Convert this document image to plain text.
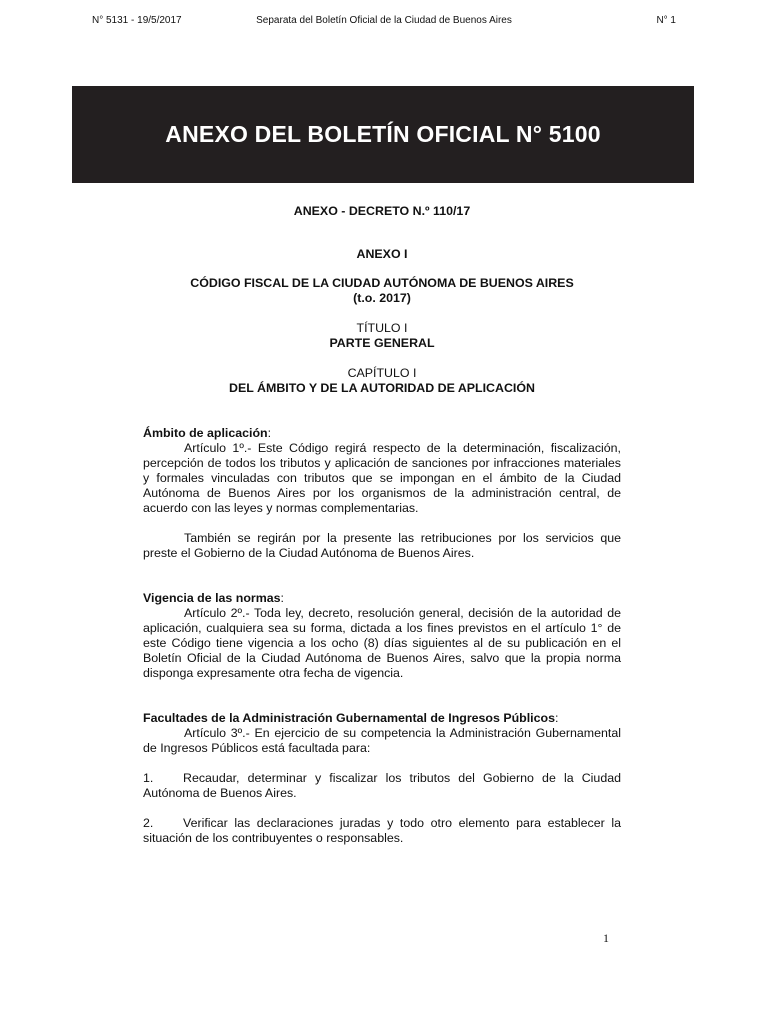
N° 5131 - 19/5/2017	Separata del Boletín Oficial de la Ciudad de Buenos Aires	N° 1
ANEXO DEL BOLETÍN OFICIAL N° 5100
ANEXO - DECRETO N.º 110/17
ANEXO I
CÓDIGO FISCAL DE LA CIUDAD AUTÓNOMA DE BUENOS AIRES
(t.o. 2017)
TÍTULO I
PARTE GENERAL
CAPÍTULO I
DEL ÁMBITO Y DE LA AUTORIDAD DE APLICACIÓN
Ámbito de aplicación:
Artículo 1º.- Este Código regirá respecto de la determinación, fiscalización, percepción de todos los tributos y aplicación de sanciones por infracciones materiales y formales vinculadas con tributos que se impongan en el ámbito de la Ciudad Autónoma de Buenos Aires por los organismos de la administración central, de acuerdo con las leyes y normas complementarias.
También se regirán por la presente las retribuciones por los servicios que preste el Gobierno de la Ciudad Autónoma de Buenos Aires.
Vigencia de las normas:
Artículo 2º.- Toda ley, decreto, resolución general, decisión de la autoridad de aplicación, cualquiera sea su forma, dictada a los fines previstos en el artículo 1° de este Código tiene vigencia a los ocho (8) días siguientes al de su publicación en el Boletín Oficial de la Ciudad Autónoma de Buenos Aires, salvo que la propia norma disponga expresamente otra fecha de vigencia.
Facultades de la Administración Gubernamental de Ingresos Públicos:
Artículo 3º.- En ejercicio de su competencia la Administración Gubernamental de Ingresos Públicos está facultada para:
1. Recaudar, determinar y fiscalizar los tributos del Gobierno de la Ciudad Autónoma de Buenos Aires.
2. Verificar las declaraciones juradas y todo otro elemento para establecer la situación de los contribuyentes o responsables.
1
